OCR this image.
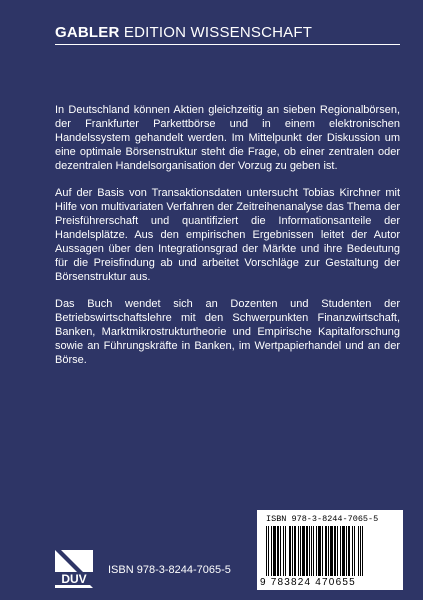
GABLER EDITION WISSENSCHAFT

In Deutschland können Aktien gleichzeitig an sieben Regionalbörsen, der Frankfurter Parkettbörse und in einem elektronischen Handelssystem gehandelt werden. Im Mittelpunkt der Diskussion um eine optimale Börsenstruktur steht die Frage, ob einer zentralen oder dezentralen Handelsorganisation der Vorzug zu geben ist.

Auf der Basis von Transaktionsdaten untersucht Tobias Kirchner mit Hilfe von multivariaten Verfahren der Zeitreihenanalyse das Thema der Preisführerschaft und quantifiziert die Informationsanteile der Handelsplätze. Aus den empirischen Ergebnissen leitet der Autor Aussagen über den Integrationsgrad der Märkte und ihre Bedeutung für die Preisfindung ab und arbeitet Vorschläge zur Gestaltung der Börsenstruktur aus.

Das Buch wendet sich an Dozenten und Studenten der Betriebswirtschaftslehre mit den Schwerpunkten Finanzwirtschaft, Banken, Marktmikrostrukturtheorie und Empirische Kapitalforschung sowie an Führungskräfte in Banken, im Wertpapierhandel und an der Börse.

DUV
ISBN 978-3-8244-7065-5
ISBN 978-3-8244-7065-5
9 783824 470655
